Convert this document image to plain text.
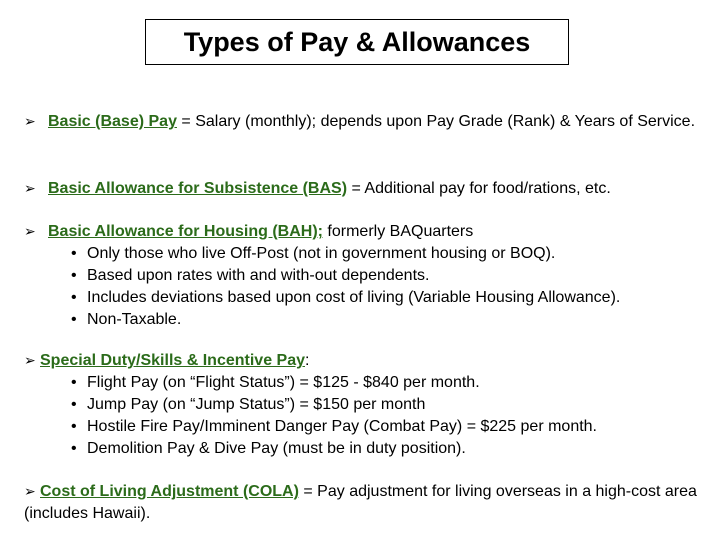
Types of Pay & Allowances
➢ Basic (Base) Pay = Salary (monthly); depends upon Pay Grade (Rank) & Years of Service.
➢ Basic Allowance for Subsistence (BAS) = Additional pay for food/rations, etc.
➢ Basic Allowance for Housing (BAH); formerly BAQuarters
• Only those who live Off-Post (not in government housing or BOQ).
• Based upon rates with and with-out dependents.
• Includes deviations based upon cost of living (Variable Housing Allowance).
• Non-Taxable.
➢ Special Duty/Skills & Incentive Pay:
• Flight Pay (on “Flight Status”) = $125 - $840 per month.
• Jump Pay (on “Jump Status”) = $150 per month
• Hostile Fire Pay/Imminent Danger Pay (Combat Pay) = $225 per month.
• Demolition Pay & Dive Pay (must be in duty position).
➢ Cost of Living Adjustment (COLA) = Pay adjustment for living overseas in a high-cost area (includes Hawaii).
